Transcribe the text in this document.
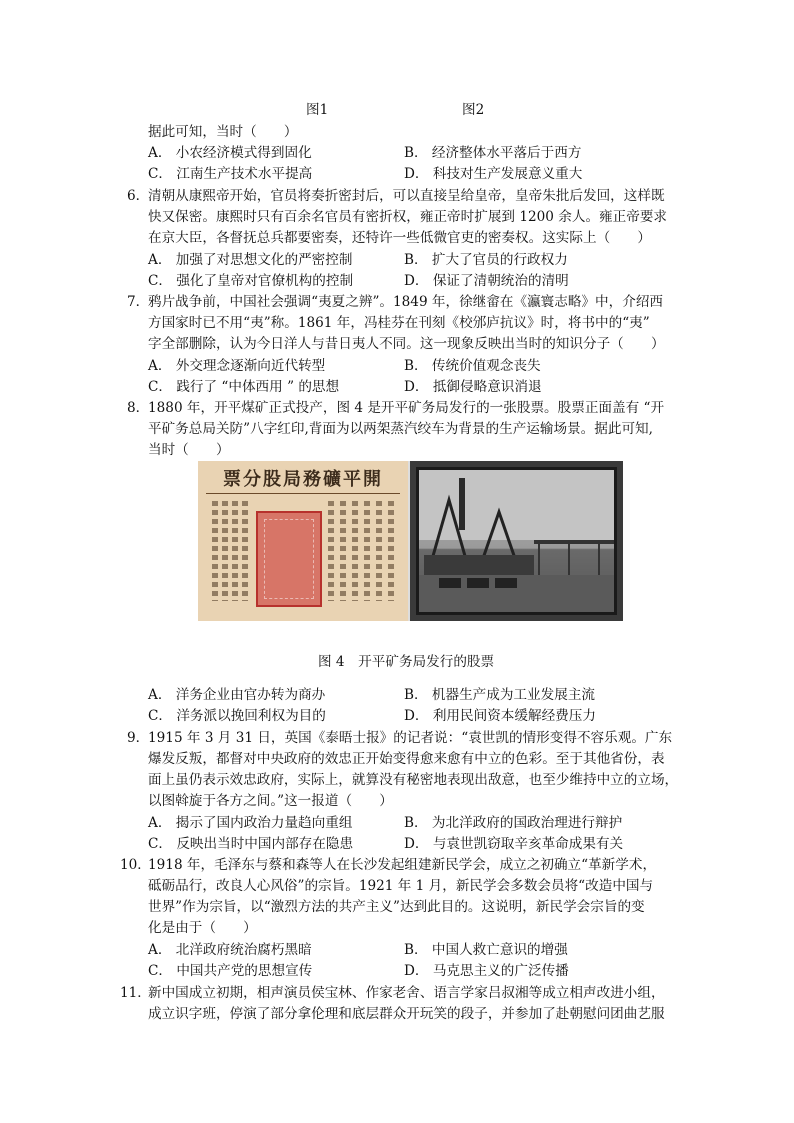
图1	图2
据此可知，当时（　　）
A． 小农经济模式得到固化	B． 经济整体水平落后于西方
C． 江南生产技术水平提高	D． 科技对生产发展意义重大
6．
清朝从康熙帝开始，官员将奏折密封后，可以直接呈给皇帝，皇帝朱批后发回，这样既
快又保密。康熙时只有百余名官员有密折权，雍正帝时扩展到 1200 余人。雍正帝要求
在京大臣，各督抚总兵都要密奏，还特许一些低微官吏的密奏权。这实际上（　　）
A． 加强了对思想文化的严密控制	B． 扩大了官员的行政权力
C． 强化了皇帝对官僚机构的控制	D． 保证了清朝统治的清明
7．
鸦片战争前，中国社会强调“夷夏之辨”。1849 年，徐继畲在《瀛寰志略》中，介绍西
方国家时已不用“夷”称。1861 年，冯桂芬在刊刻《校邠庐抗议》时，将书中的“夷”
字全部删除，认为今日洋人与昔日夷人不同。这一现象反映出当时的知识分子（　　）
A． 外交理念逐渐向近代转型	B． 传统价值观念丧失
C． 践行了 “中体西用 ” 的思想	D． 抵御侵略意识消退
8．
1880 年，开平煤矿正式投产，图 4 是开平矿务局发行的一张股票。股票正面盖有 “开
平矿务总局关防”八字红印,背面为以两架蒸汽绞车为背景的生产运输场景。据此可知,
当时（　　）
票分股局務礦平開
图 4　开平矿务局发行的股票
A． 洋务企业由官办转为商办	B． 机器生产成为工业发展主流
C． 洋务派以挽回利权为目的	D． 利用民间资本缓解经费压力
9．
1915 年 3 月 31 日，英国《泰晤士报》的记者说：“袁世凯的情形变得不容乐观。广东
爆发反叛，都督对中央政府的效忠正开始变得愈来愈有中立的色彩。至于其他省份，表
面上虽仍表示效忠政府，实际上，就算没有秘密地表现出敌意，也至少维持中立的立场，
以图斡旋于各方之间。”这一报道（　　）
A． 揭示了国内政治力量趋向重组	B． 为北洋政府的国政治理进行辩护
C． 反映出当时中国内部存在隐患	D． 与袁世凯窃取辛亥革命成果有关
10．
1918 年，毛泽东与蔡和森等人在长沙发起组建新民学会，成立之初确立“革新学术，
砥砺品行，改良人心风俗”的宗旨。1921 年 1 月，新民学会多数会员将“改造中国与
世界”作为宗旨，以“激烈方法的共产主义”达到此目的。这说明，新民学会宗旨的变
化是由于（　　）
A． 北洋政府统治腐朽黑暗	B． 中国人救亡意识的增强
C． 中国共产党的思想宣传	D． 马克思主义的广泛传播
11．
新中国成立初期，相声演员侯宝林、作家老舍、语言学家吕叔湘等成立相声改进小组，
成立识字班，停演了部分拿伦理和底层群众开玩笑的段子，并参加了赴朝慰问团曲艺服
